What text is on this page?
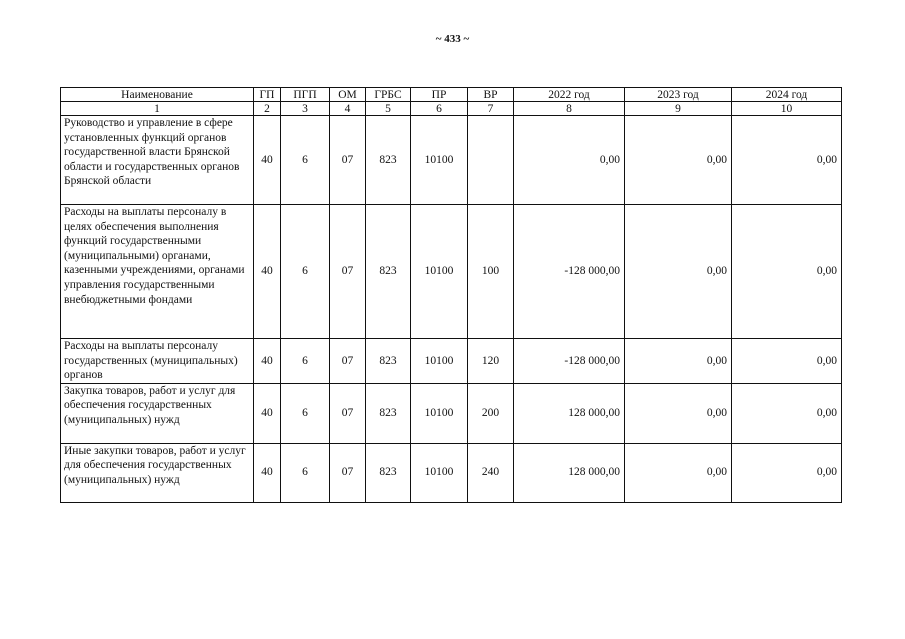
~ 433 ~
Наименование	ГП	ПГП	ОМ	ГРБС	ПР	ВР	2022 год	2023 год	2024 год
1	2	3	4	5	6	7	8	9	10
Руководство и управление в сфере установленных функций органов государственной власти Брянской области и государственных органов Брянской области	40	6	07	823	10100		0,00	0,00	0,00
Расходы на выплаты персоналу в целях обеспечения выполнения функций государственными (муниципальными) органами, казенными учреждениями, органами управления государственными внебюджетными фондами	40	6	07	823	10100	100	-128 000,00	0,00	0,00
Расходы на выплаты персоналу государственных (муниципальных) органов	40	6	07	823	10100	120	-128 000,00	0,00	0,00
Закупка товаров, работ и услуг для обеспечения государственных (муниципальных) нужд	40	6	07	823	10100	200	128 000,00	0,00	0,00
Иные закупки товаров, работ и услуг для обеспечения государственных (муниципальных) нужд	40	6	07	823	10100	240	128 000,00	0,00	0,00
